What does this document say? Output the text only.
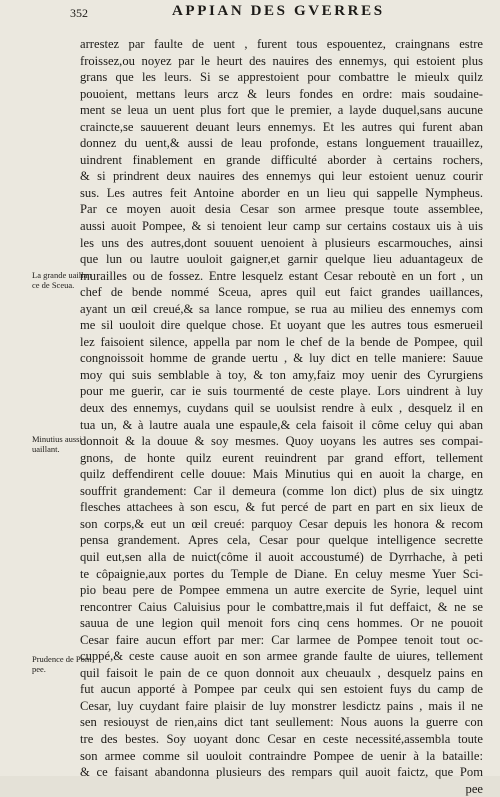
352	APPIAN DES GVERRES
arrestez par faulte de uent , furent tous espouentez, craingnans estre
froissez,ou noyez par le heurt des nauires des ennemys, qui estoient plus
grans que les leurs. Si se apprestoient pour combattre le mieulx quilz
pouoient, mettans leurs arcz & leurs fondes en ordre: mais soudaine-
ment se leua un uent plus fort que le premier, a layde duquel,sans aucune
craincte,se sauuerent deuant leurs ennemys. Et les autres qui furent aban
donnez du uent,& aussi de leau profonde, estans longuement trauaillez,
uindrent finablement en grande difficulté aborder à certains rochers,
& si prindrent deux nauires des ennemys qui leur estoient uenuz courir
sus. Les autres feit Antoine aborder en un lieu qui sappelle Nympheus.
Par ce moyen auoit desia Cesar son armee presque toute assemblee,
aussi auoit Pompee, & si tenoient leur camp sur certains costaux uis à uis
les uns des autres,dont souuent uenoient à plusieurs escarmouches, ainsi
que lun ou lautre uouloit gaigner,et garnir quelque lieu aduantageux de
murailles ou de fossez. Entre lesquelz estant Cesar reboutè en un fort , un
chef de bende nommé Sceua, apres quil eut faict grandes uaillances,
ayant un œil creué,& sa lance rompue, se rua au milieu des ennemys com
me sil uouloit dire quelque chose. Et uoyant que les autres tous esmerueil
lez faisoient silence, appella par nom le chef de la bende de Pompee, quil
congnoissoit homme de grande uertu , & luy dict en telle maniere: Sauue
moy qui suis semblable à toy, & ton amy,faiz moy uenir des Cyrurgiens
pour me guerir, car ie suis tourmenté de ceste playe. Lors uindrent à luy
deux des ennemys, cuydans quil se uoulsist rendre à eulx , desquelz il en
tua un, & à lautre auala une espaule,& cela faisoit il côme celuy qui aban
donnoit & la douue & soy mesmes. Quoy uoyans les autres ses compai-
gnons, de honte quilz eurent reuindrent par grand effort, tellement
quilz deffendirent celle douue: Mais Minutius qui en auoit la charge, en
souffrit grandement: Car il demeura (comme lon dict) plus de six uingtz
flesches attachees à son escu, & fut percé de part en part en six lieux de
son corps,& eut un œil creué: parquoy Cesar depuis les honora & recom
pensa grandement. Apres cela, Cesar pour quelque intelligence secrette
quil eut,sen alla de nuict(côme il auoit accoustumé) de Dyrrhache, à peti
te côpaignie,aux portes du Temple de Diane. En celuy mesme Yuer Sci-
pio beau pere de Pompee emmena un autre exercite de Syrie, lequel uint
rencontrer Caius Caluisius pour le combattre,mais il fut deffaict, & ne se
sauua de une legion quil menoit fors cinq cens hommes. Or ne pouoit
Cesar faire aucun effort par mer: Car larmee de Pompee tenoit tout oc-
cuppé,& ceste cause auoit en son armee grande faulte de uiures, tellement
quil faisoit le pain de ce quon donnoit aux cheuaulx , desquelz pains en
fut aucun apporté à Pompee par ceulx qui sen estoient fuys du camp de
Cesar, luy cuydant faire plaisir de luy monstrer lesdictz pains , mais il ne
sen resiouyst de rien,ains dict tant seullement: Nous auons la guerre con
tre des bestes. Soy uoyant donc Cesar en ceste necessité,assembla toute
son armee comme sil uouloit contraindre Pompee de uenir à la bataille:
& ce faisant abandonna plusieurs des rempars quil auoit faictz, que Pom
pee
La grande uaillan
ce de Sceua.
Minutius aussi
uaillant.
Prudence de Pom
pee.
